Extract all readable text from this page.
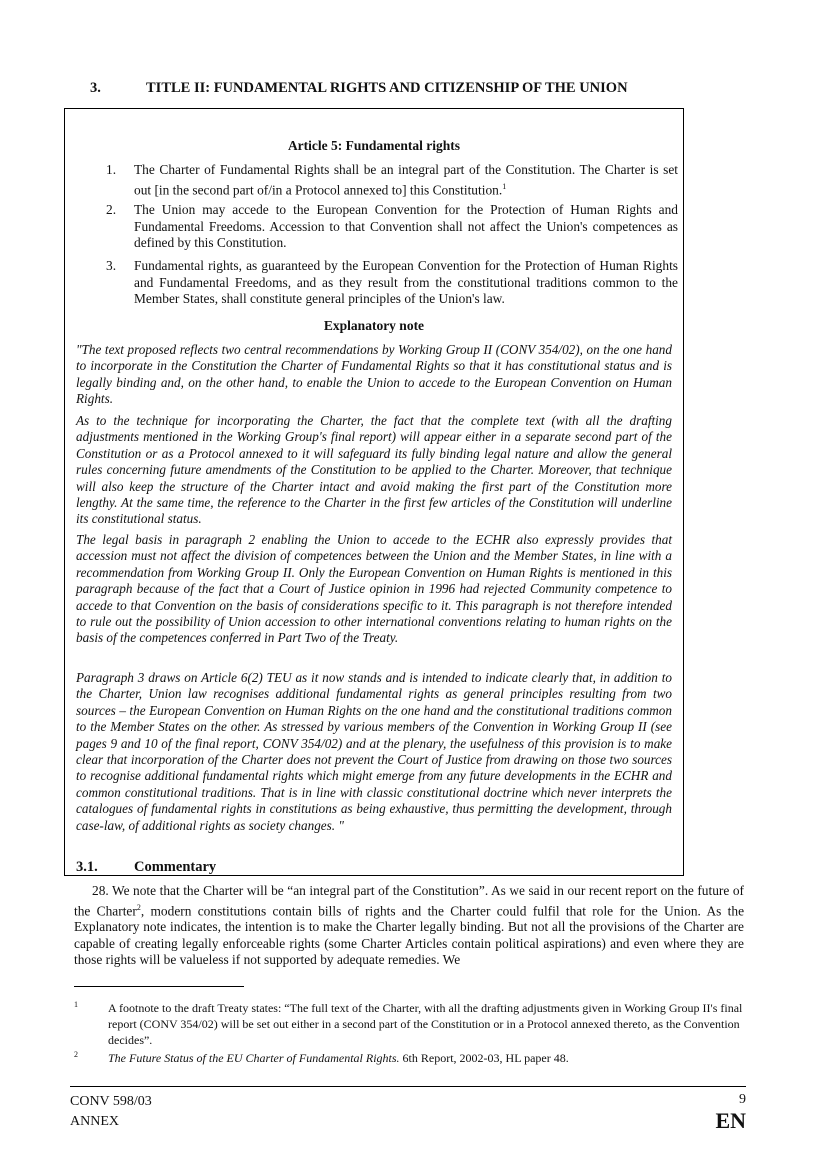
3.	TITLE II: FUNDAMENTAL RIGHTS AND CITIZENSHIP OF THE UNION
Article 5: Fundamental rights
1. The Charter of Fundamental Rights shall be an integral part of the Constitution. The Charter is set out [in the second part of/in a Protocol annexed to] this Constitution.$^1$
2. The Union may accede to the European Convention for the Protection of Human Rights and Fundamental Freedoms. Accession to that Convention shall not affect the Union's competences as defined by this Constitution.
3. Fundamental rights, as guaranteed by the European Convention for the Protection of Human Rights and Fundamental Freedoms, and as they result from the constitutional traditions common to the Member States, shall constitute general principles of the Union's law.
Explanatory note
"The text proposed reflects two central recommendations by Working Group II (CONV 354/02), on the one hand to incorporate in the Constitution the Charter of Fundamental Rights so that it has constitutional status and is legally binding and, on the other hand, to enable the Union to accede to the European Convention on Human Rights.
As to the technique for incorporating the Charter, the fact that the complete text (with all the drafting adjustments mentioned in the Working Group's final report) will appear either in a separate second part of the Constitution or as a Protocol annexed to it will safeguard its fully binding legal nature and allow the general rules concerning future amendments of the Constitution to be applied to the Charter. Moreover, that technique will also keep the structure of the Charter intact and avoid making the first part of the Constitution more lengthy. At the same time, the reference to the Charter in the first few articles of the Constitution will underline its constitutional status.
The legal basis in paragraph 2 enabling the Union to accede to the ECHR also expressly provides that accession must not affect the division of competences between the Union and the Member States, in line with a recommendation from Working Group II. Only the European Convention on Human Rights is mentioned in this paragraph because of the fact that a Court of Justice opinion in 1996 had rejected Community competence to accede to that Convention on the basis of considerations specific to it. This paragraph is not therefore intended to rule out the possibility of Union accession to other international conventions relating to human rights on the basis of the competences conferred in Part Two of the Treaty.
Paragraph 3 draws on Article 6(2) TEU as it now stands and is intended to indicate clearly that, in addition to the Charter, Union law recognises additional fundamental rights as general principles resulting from two sources – the European Convention on Human Rights on the one hand and the constitutional traditions common to the Member States on the other. As stressed by various members of the Convention in Working Group II (see pages 9 and 10 of the final report, CONV 354/02) and at the plenary, the usefulness of this provision is to make clear that incorporation of the Charter does not prevent the Court of Justice from drawing on those two sources to recognise additional fundamental rights which might emerge from any future developments in the ECHR and common constitutional traditions. That is in line with classic constitutional doctrine which never interprets the catalogues of fundamental rights in constitutions as being exhaustive, thus permitting the development, through case-law, of additional rights as society changes. "
3.1.	Commentary
28. We note that the Charter will be “an integral part of the Constitution”. As we said in our recent report on the future of the Charter$^2$, modern constitutions contain bills of rights and the Charter could fulfil that role for the Union. As the Explanatory note indicates, the intention is to make the Charter legally binding. But not all the provisions of the Charter are capable of creating legally enforceable rights (some Charter Articles contain political aspirations) and even where they are those rights will be valueless if not supported by adequate remedies. We
1	A footnote to the draft Treaty states: “The full text of the Charter, with all the drafting adjustments given in Working Group II's final report (CONV 354/02) will be set out either in a second part of the Constitution or in a Protocol annexed thereto, as the Convention decides”.
2	The Future Status of the EU Charter of Fundamental Rights. 6th Report, 2002-03, HL paper 48.
CONV 598/03
ANNEX
9
EN
